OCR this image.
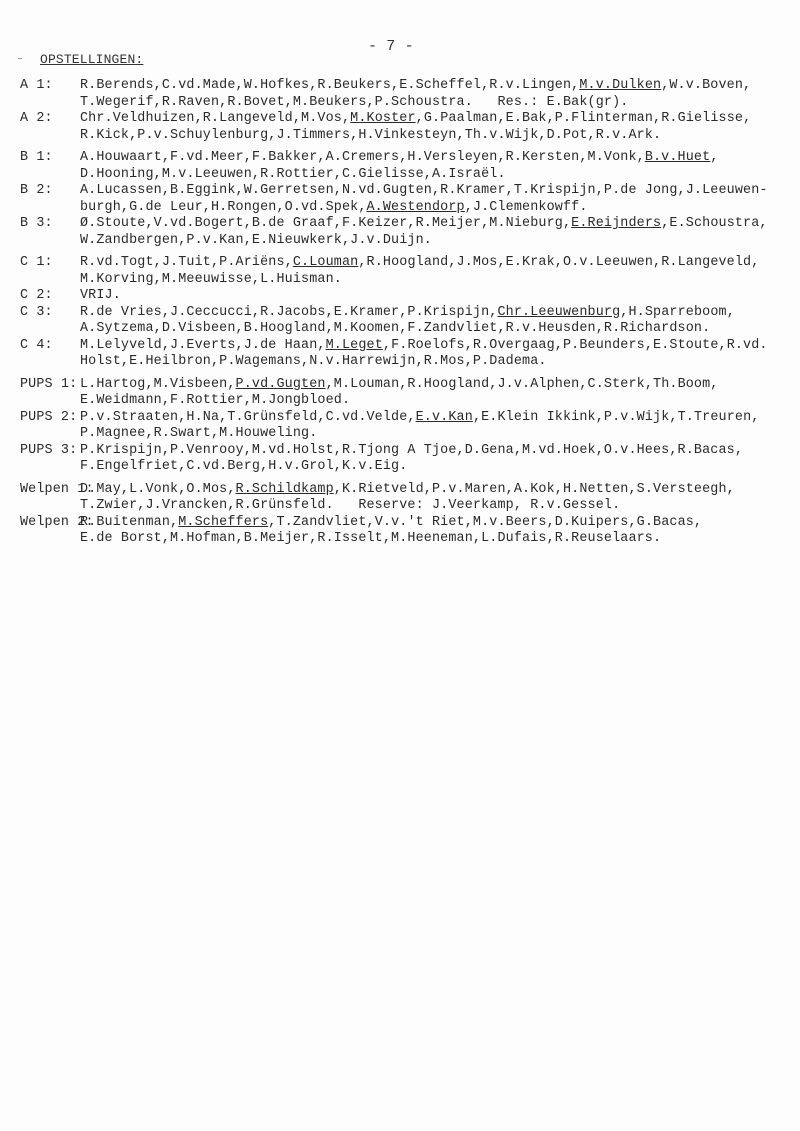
- 7 -
OPSTELLINGEN:
A 1:	R.Berends,C.vd.Made,W.Hofkes,R.Beukers,E.Scheffel,R.v.Lingen,M.v.Dulken,W.v.Boven,
T.Wegerif,R.Raven,R.Bovet,M.Beukers,P.Schoustra.   Res.: E.Bak(gr).
A 2:	Chr.Veldhuizen,R.Langeveld,M.Vos,M.Koster,G.Paalman,E.Bak,P.Flinterman,R.Gielisse,
R.Kick,P.v.Schuylenburg,J.Timmers,H.Vinkesteyn,Th.v.Wijk,D.Pot,R.v.Ark.
B 1:	A.Houwaart,F.vd.Meer,F.Bakker,A.Cremers,H.Versleyen,R.Kersten,M.Vonk,B.v.Huet,
D.Hooning,M.v.Leeuwen,R.Rottier,C.Gielisse,A.Israël.
B 2:	A.Lucassen,B.Eggink,W.Gerretsen,N.vd.Gugten,R.Kramer,T.Krispijn,P.de Jong,J.Leeuwen-
burgh,G.de Leur,H.Rongen,O.vd.Spek,A.Westendorp,J.Clemenkowff.
B 3:	Ø.Stoute,V.vd.Bogert,B.de Graaf,F.Keizer,R.Meijer,M.Nieburg,E.Reijnders,E.Schoustra,
W.Zandbergen,P.v.Kan,E.Nieuwkerk,J.v.Duijn.
C 1:	R.vd.Togt,J.Tuit,P.Ariëns,C.Louman,R.Hoogland,J.Mos,E.Krak,O.v.Leeuwen,R.Langeveld,
M.Korving,M.Meeuwisse,L.Huisman.
C 2:	VRIJ.
C 3:	R.de Vries,J.Ceccucci,R.Jacobs,E.Kramer,P.Krispijn,Chr.Leeuwenburg,H.Sparreboom,
A.Sytzema,D.Visbeen,B.Hoogland,M.Koomen,F.Zandvliet,R.v.Heusden,R.Richardson.
C 4:	M.Lelyveld,J.Everts,J.de Haan,M.Leget,F.Roelofs,R.Overgaag,P.Beunders,E.Stoute,R.vd.
Holst,E.Heilbron,P.Wagemans,N.v.Harrewijn,R.Mos,P.Dadema.
PUPS 1: L.Hartog,M.Visbeen,P.vd.Gugten,M.Louman,R.Hoogland,J.v.Alphen,C.Sterk,Th.Boom,
E.Weidmann,F.Rottier,M.Jongbloed.
PUPS 2: P.v.Straaten,H.Na,T.Grünsfeld,C.vd.Velde,E.v.Kan,E.Klein Ikkink,P.v.Wijk,T.Treuren,
P.Magnee,R.Swart,M.Houweling.
PUPS 3: P.Krispijn,P.Venrooy,M.vd.Holst,R.Tjong A Tjoe,D.Gena,M.vd.Hoek,O.v.Hees,R.Bacas,
F.Engelfriet,C.vd.Berg,H.v.Grol,K.v.Eig.
Welpen 1:
D.May,L.Vonk,O.Mos,R.Schildkamp,K.Rietveld,P.v.Maren,A.Kok,H.Netten,S.Versteegh,
T.Zwier,J.Vrancken,R.Grünsfeld.   Reserve: J.Veerkamp, R.v.Gessel.
Welpen 2:
R.Buitenman,M.Scheffers,T.Zandvliet,V.v.'t Riet,M.v.Beers,D.Kuipers,G.Bacas,
E.de Borst,M.Hofman,B.Meijer,R.Isselt,M.Heeneman,L.Dufais,R.Reuselaars.
